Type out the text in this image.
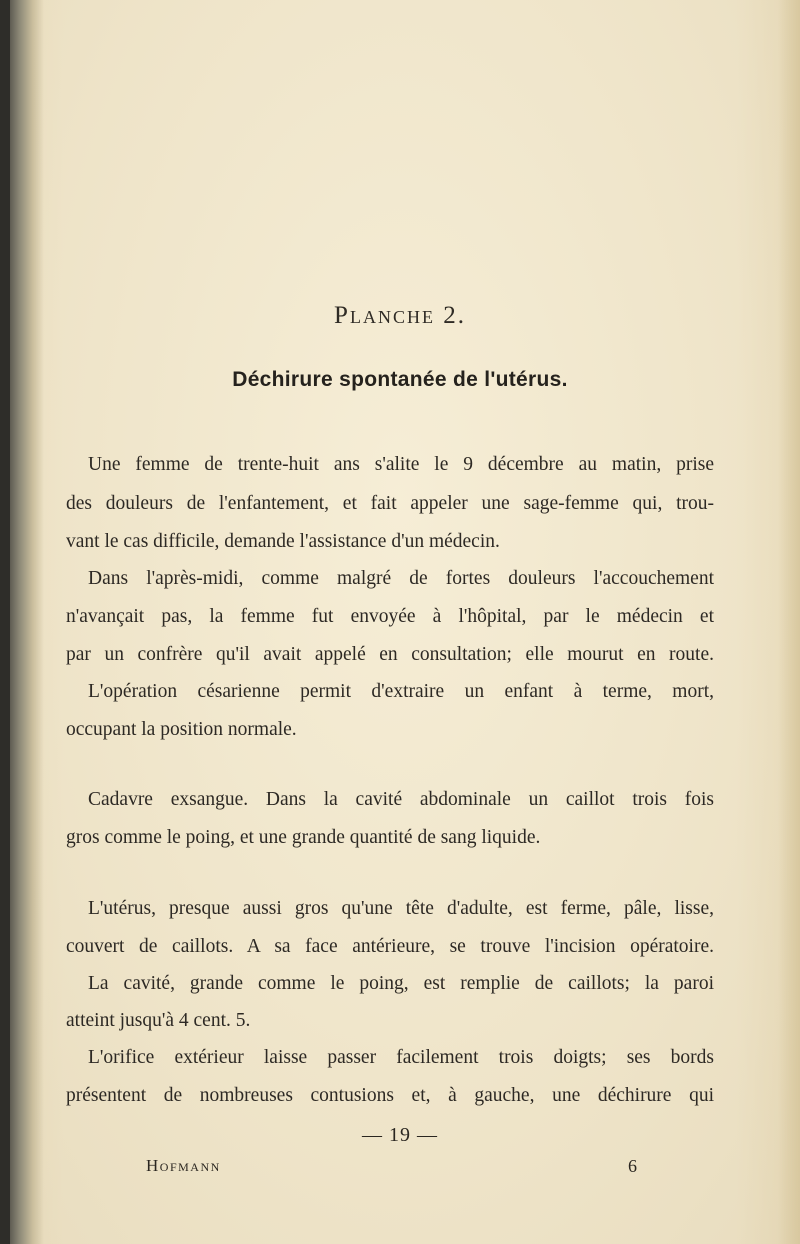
Planche 2.
Déchirure spontanée de l'utérus.
Une femme de trente-huit ans s'alite le 9 décembre au matin, prise
des douleurs de l'enfantement, et fait appeler une sage-femme qui, trou-
vant le cas difficile, demande l'assistance d'un médecin.
Dans l'après-midi, comme malgré de fortes douleurs l'accouchement
n'avançait pas, la femme fut envoyée à l'hôpital, par le médecin et
par un confrère qu'il avait appelé en consultation; elle mourut en route.
L'opération césarienne permit d'extraire un enfant à terme, mort,
occupant la position normale.
Cadavre exsangue. Dans la cavité abdominale un caillot trois fois
gros comme le poing, et une grande quantité de sang liquide.
L'utérus, presque aussi gros qu'une tête d'adulte, est ferme, pâle, lisse,
couvert de caillots. A sa face antérieure, se trouve l'incision opératoire.
La cavité, grande comme le poing, est remplie de caillots; la paroi
atteint jusqu'à 4 cent. 5.
L'orifice extérieur laisse passer facilement trois doigts; ses bords
présentent de nombreuses contusions et, à gauche, une déchirure qui
— 19 —
Hofmann	6
